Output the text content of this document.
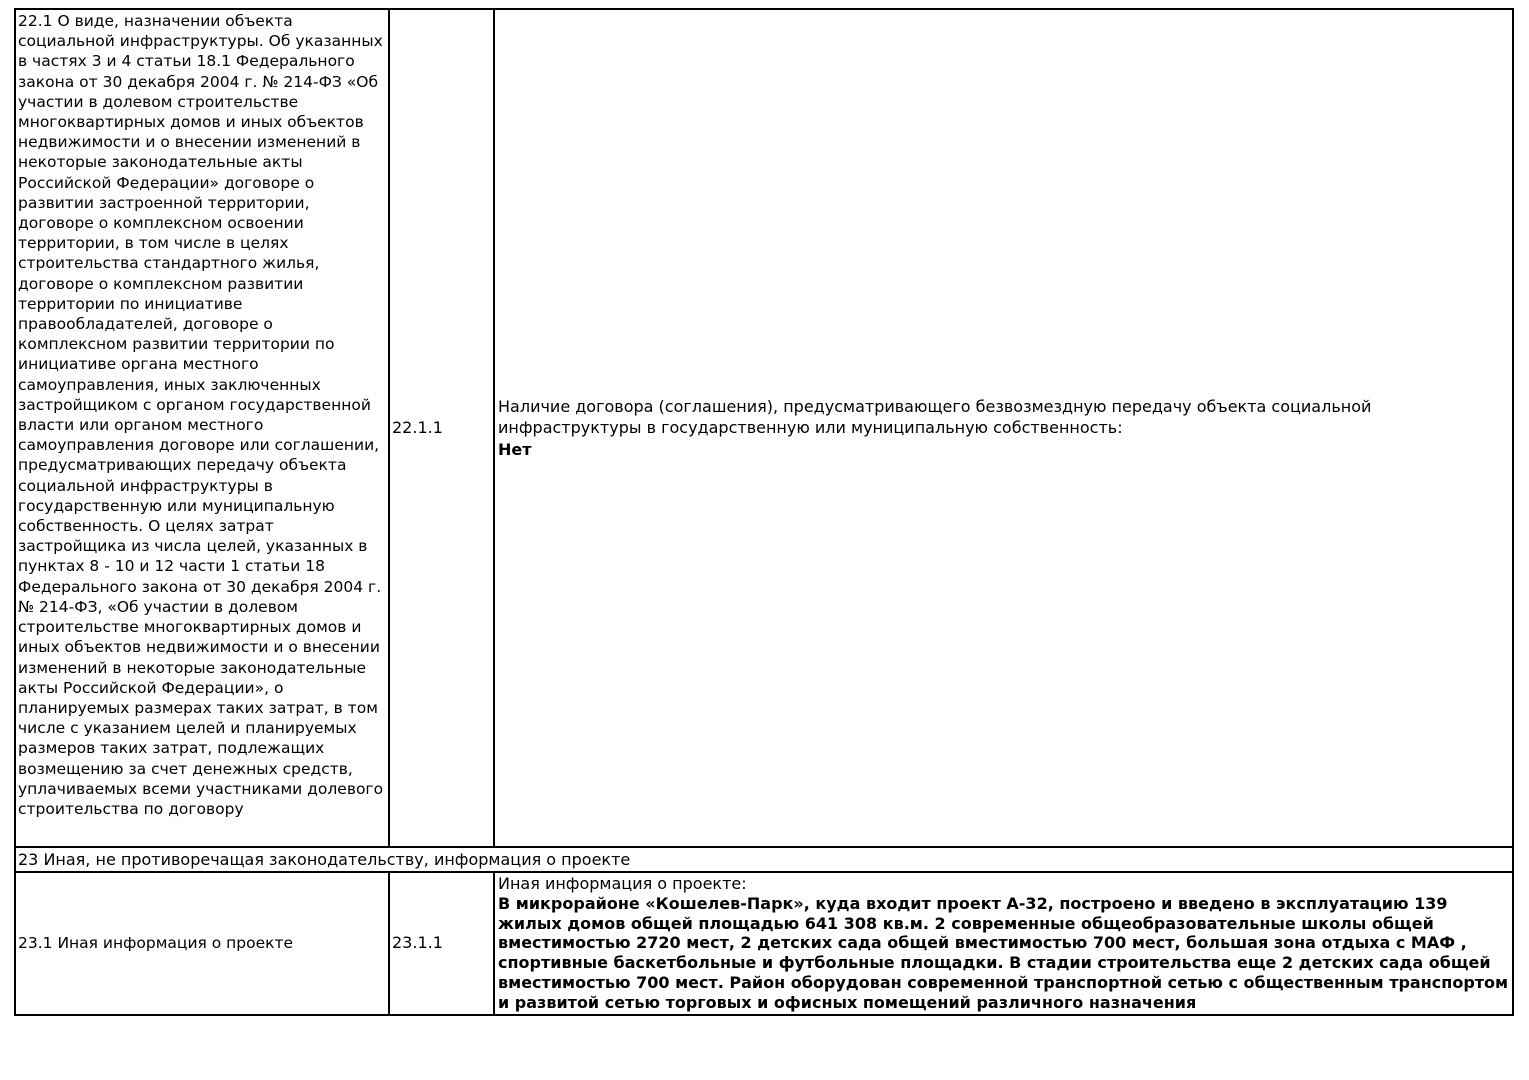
22.1 О виде, назначении объекта социальной инфраструктуры. Об указанных в частях 3 и 4 статьи 18.1 Федерального закона от 30 декабря 2004 г. № 214-ФЗ «Об участии в долевом строительстве многоквартирных домов и иных объектов недвижимости и о внесении изменений в некоторые законодательные акты Российской Федерации» договоре о развитии застроенной территории, договоре о комплексном освоении территории, в том числе в целях строительства стандартного жилья, договоре о комплексном развитии территории по инициативе правообладателей, договоре о комплексном развитии территории по инициативе органа местного самоуправления, иных заключенных застройщиком с органом государственной власти или органом местного самоуправления договоре или соглашении, предусматривающих передачу объекта социальной инфраструктуры в государственную или муниципальную собственность. О целях затрат застройщика из числа целей, указанных в пунктах 8 - 10 и 12 части 1 статьи 18 Федерального закона от 30 декабря 2004 г. № 214-ФЗ, «Об участии в долевом строительстве многоквартирных домов и иных объектов недвижимости и о внесении изменений в некоторые законодательные акты Российской Федерации», о планируемых размерах таких затрат, в том числе с указанием целей и планируемых размеров таких затрат, подлежащих возмещению за счет денежных средств, уплачиваемых всеми участниками долевого строительства по договору	22.1.1	Наличие договора (соглашения), предусматривающего безвозмездную передачу объекта социальной инфраструктуры в государственную или муниципальную собственность:
Нет

23 Иная, не противоречащая законодательству, информация о проекте		
23.1 Иная информация о проекте	23.1.1	Иная информация о проекте:
В микрорайоне «Кошелев-Парк», куда входит проект А-32, построено и введено в эксплуатацию 139 жилых домов общей площадью 641 308 кв.м. 2 современные общеобразовательные школы общей вместимостью 2720 мест, 2 детских сада общей вместимостью 700 мест, большая зона отдыха с МАФ , спортивные баскетбольные и футбольные площадки. В стадии строительства еще 2 детских сада общей вместимостью 700 мест. Район оборудован современной транспортной сетью с общественным транспортом и развитой сетью торговых и офисных помещений различного назначения
